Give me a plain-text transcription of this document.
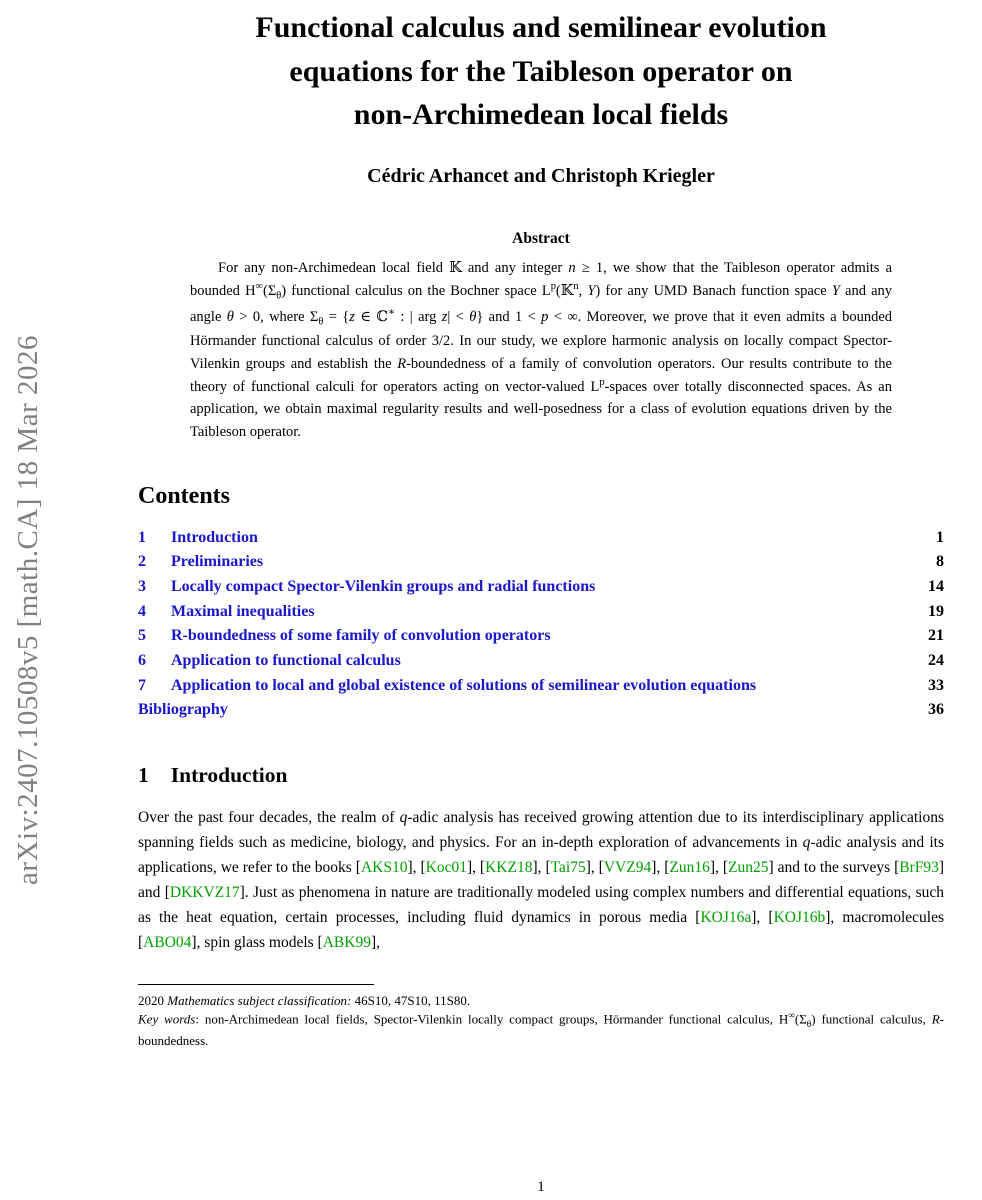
arXiv:2407.10508v5 [math.CA] 18 Mar 2026
Functional calculus and semilinear evolution
equations for the Taibleson operator on
non-Archimedean local fields
Cédric Arhancet and Christoph Kriegler
Abstract
For any non-Archimedean local field 𝕂 and any integer n ≥ 1, we show that the Taibleson operator admits a bounded $H^\infty(\Sigma_\theta)$ functional calculus on the Bochner space $L^p(𝕂^n$, Y) for any UMD Banach function space Y and any angle θ > 0, where $\Sigma_\theta = \{z$ ∈ ℂ∗ : | arg z| < θ} and 1 < p < ∞. Moreover, we prove that it even admits a bounded Hörmander functional calculus of order 3/2. In our study, we explore harmonic analysis on locally compact Spector-Vilenkin groups and establish the R-boundedness of a family of convolution operators. Our results contribute to the theory of functional calculi for operators acting on vector-valued $L^p$-spaces over totally disconnected spaces. As an application, we obtain maximal regularity results and well-posedness for a class of evolution equations driven by the Taibleson operator.
Contents
1	Introduction	1
2	Preliminaries	8
3	Locally compact Spector-Vilenkin groups and radial functions	14
4	Maximal inequalities	19
5	R-boundedness of some family of convolution operators	21
6	Application to functional calculus	24
7	Application to local and global existence of solutions of semilinear evolution equations	33
Bibliography	36
1 Introduction
Over the past four decades, the realm of q-adic analysis has received growing attention due to its interdisciplinary applications spanning fields such as medicine, biology, and physics. For an in-depth exploration of advancements in q-adic analysis and its applications, we refer to the books [AKS10], [Koc01], [KKZ18], [Tai75], [VVZ94], [Zun16], [Zun25] and to the surveys [BrF93] and [DKKVZ17]. Just as phenomena in nature are traditionally modeled using complex numbers and differential equations, such as the heat equation, certain processes, including fluid dynamics in porous media [KOJ16a], [KOJ16b], macromolecules [ABO04], spin glass models [ABK99],
2020 Mathematics subject classification: 46S10, 47S10, 11S80.
Key words: non-Archimedean local fields, Spector-Vilenkin locally compact groups, Hörmander functional calculus, $H^\infty(\Sigma_\theta)$ functional calculus, R-boundedness.
1
